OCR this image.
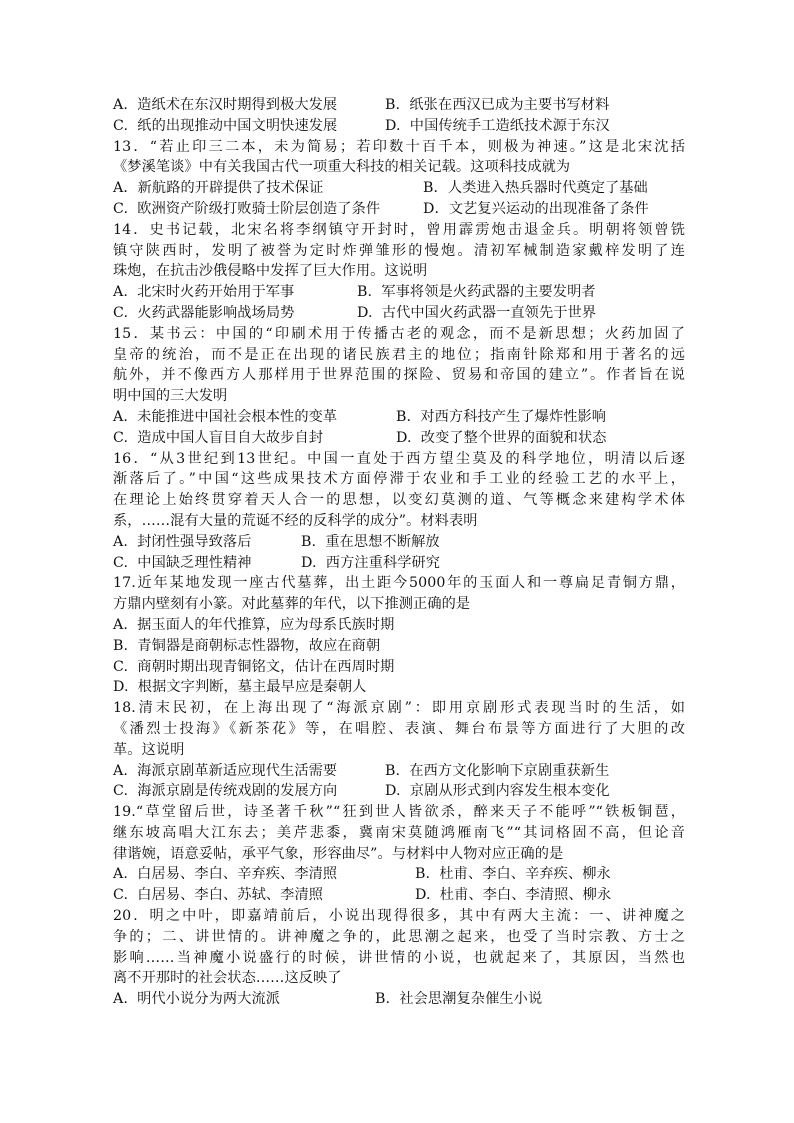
A.  造纸术在东汉时期得到极大发展	B.  纸张在西汉已成为主要书写材料
C.  纸的出现推动中国文明快速发展	D.  中国传统手工造纸技术源于东汉
13．“若止印三二本，未为简易；若印数十百千本，则极为神速。”这是北宋沈括
《梦溪笔谈》中有关我国古代一项重大科技的相关记载。这项科技成就为
A．新航路的开辟提供了技术保证	B．人类进入热兵器时代奠定了基础
C.  欧洲资产阶级打败骑士阶层创造了条件	D．文艺复兴运动的出现准备了条件
14．史书记载，北宋名将李纲镇守开封时，曾用霹雳炮击退金兵。明朝将领曾铣
镇守陕西时，发明了被誉为定时炸弹雏形的慢炮。清初军械制造家戴梓发明了连
珠炮，在抗击沙俄侵略中发挥了巨大作用。这说明
A.  北宋时火药开始用于军事	B.  军事将领是火药武器的主要发明者
C.  火药武器能影响战场局势	D.  古代中国火药武器一直领先于世界
15．某书云：中国的“印刷术用于传播古老的观念，而不是新思想；火药加固了
皇帝的统治，而不是正在出现的诸民族君主的地位；指南针除郑和用于著名的远
航外，并不像西方人那样用于世界范围的探险、贸易和帝国的建立”。作者旨在说
明中国的三大发明
A.  未能推进中国社会根本性的变革	B.  对西方科技产生了爆炸性影响
C.  造成中国人盲目自大故步自封	D.  改变了整个世界的面貌和状态
16．“从3世纪到13世纪。中国一直处于西方望尘莫及的科学地位，明清以后逐
渐落后了。”中国“这些成果技术方面停滞于农业和手工业的经验工艺的水平上，
在理论上始终贯穿着天人合一的思想，以变幻莫测的道、气等概念来建构学术体
系，……混有大量的荒诞不经的反科学的成分”。材料表明
A.  封闭性强导致落后	B.  重在思想不断解放
C.  中国缺乏理性精神	D.  西方注重科学研究
17.近年某地发现一座古代墓葬，出土距今5000年的玉面人和一尊扁足青铜方鼎，
方鼎内壁刻有小篆。对此墓葬的年代，以下推测正确的是
A.  据玉面人的年代推算，应为母系氏族时期
B.  青铜器是商朝标志性器物，故应在商朝
C.  商朝时期出现青铜铭文，估计在西周时期
D.  根据文字判断，墓主最早应是秦朝人
18.清末民初，在上海出现了“海派京剧”：即用京剧形式表现当时的生活，如
《潘烈士投海》《新茶花》等，在唱腔、表演、舞台布景等方面进行了大胆的改
革。这说明
A.  海派京剧革新适应现代生活需要	B.  在西方文化影响下京剧重获新生
C.  海派京剧是传统戏剧的发展方向	D.  京剧从形式到内容发生根本变化
19.“草堂留后世，诗圣著千秋”“狂到世人皆欲杀，醉来天子不能呼”“铁板铜琶，
继东坡高唱大江东去；美芹悲黍，冀南宋莫随鸿雁南飞”“其词格固不高，但论音
律谐婉，语意妥帖，承平气象，形容曲尽”。与材料中人物对应正确的是
A.  白居易、李白、辛弃疾、李清照	B.  杜甫、李白、辛弃疾、柳永
C.  白居易、李白、苏轼、李清照	D.  杜甫、李白、李清照、柳永
20．明之中叶，即嘉靖前后，小说出现得很多，其中有两大主流：一、讲神魔之
争的；二、讲世情的。讲神魔之争的，此思潮之起来，也受了当时宗教、方士之
影响……当神魔小说盛行的时候，讲世情的小说，也就起来了，其原因，当然也
离不开那时的社会状态……这反映了
A.  明代小说分为两大流派	B.  社会思潮复杂催生小说
